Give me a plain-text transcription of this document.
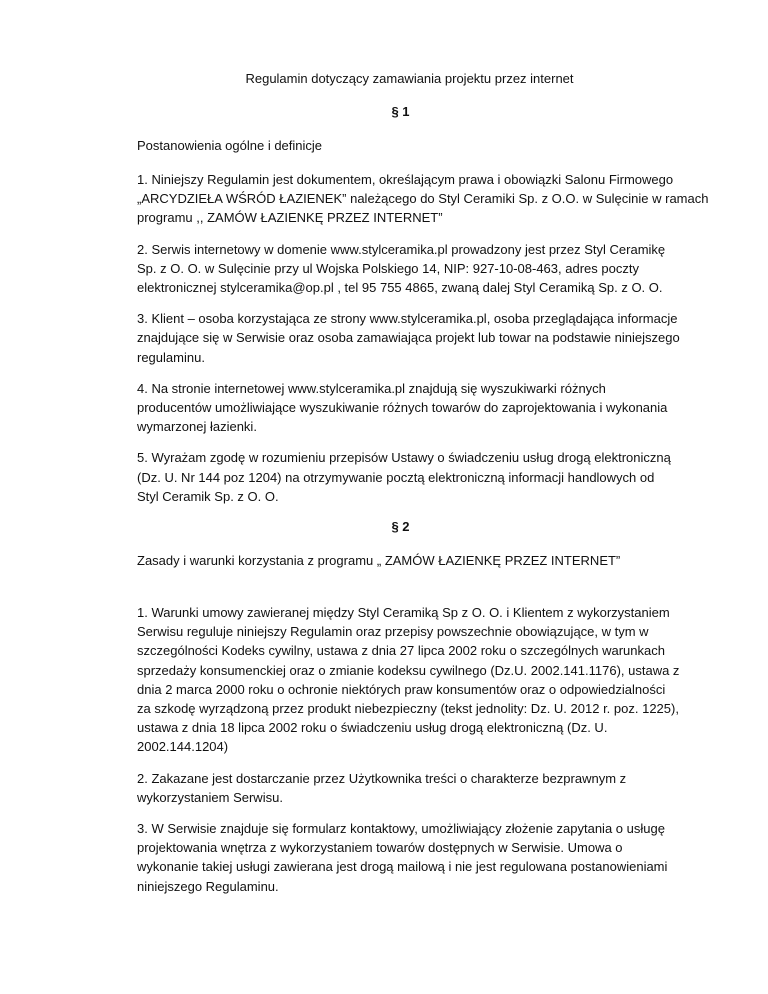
Regulamin dotyczący zamawiania projektu przez internet
§ 1
Postanowienia ogólne i definicje
1. Niniejszy Regulamin jest dokumentem, określającym prawa i obowiązki Salonu Firmowego
„ARCYDZIEŁA WŚRÓD ŁAZIENEK” należącego do Styl Ceramiki Sp. z O.O. w Sulęcinie w ramach
programu ,, ZAMÓW ŁAZIENKĘ PRZEZ INTERNET”
2. Serwis internetowy w domenie www.stylceramika.pl prowadzony jest przez Styl Ceramikę
Sp. z O. O. w Sulęcinie przy ul Wojska Polskiego 14, NIP: 927-10-08-463, adres poczty
elektronicznej stylceramika@op.pl , tel 95 755 4865, zwaną dalej Styl Ceramiką Sp. z O. O.
3. Klient – osoba korzystająca ze strony www.stylceramika.pl, osoba przeglądająca informacje
znajdujące się w Serwisie oraz osoba zamawiająca projekt lub towar na podstawie niniejszego
regulaminu.
4. Na stronie internetowej www.stylceramika.pl znajdują się wyszukiwarki różnych
producentów umożliwiające wyszukiwanie różnych towarów do zaprojektowania i wykonania
wymarzonej łazienki.
5. Wyrażam zgodę w rozumieniu przepisów Ustawy o świadczeniu usług drogą elektroniczną
(Dz. U. Nr 144 poz 1204) na otrzymywanie pocztą elektroniczną informacji handlowych od
Styl Ceramik Sp. z O. O.
§ 2
Zasady i warunki korzystania z programu „ ZAMÓW ŁAZIENKĘ PRZEZ INTERNET”
1. Warunki umowy zawieranej między Styl Ceramiką Sp z O. O. i Klientem z wykorzystaniem
Serwisu reguluje niniejszy Regulamin oraz przepisy powszechnie obowiązujące, w tym w
szczególności Kodeks cywilny, ustawa z dnia 27 lipca 2002 roku o szczególnych warunkach
sprzedaży konsumenckiej oraz o zmianie kodeksu cywilnego (Dz.U. 2002.141.1176), ustawa z
dnia 2 marca 2000 roku o ochronie niektórych praw konsumentów oraz o odpowiedzialności
za szkodę wyrządzoną przez produkt niebezpieczny (tekst jednolity: Dz. U. 2012 r. poz. 1225),
ustawa z dnia 18 lipca 2002 roku o świadczeniu usług drogą elektroniczną (Dz. U.
2002.144.1204)
2. Zakazane jest dostarczanie przez Użytkownika treści o charakterze bezprawnym z
wykorzystaniem Serwisu.
3. W Serwisie znajduje się formularz kontaktowy, umożliwiający złożenie zapytania o usługę
projektowania wnętrza z wykorzystaniem towarów dostępnych w Serwisie. Umowa o
wykonanie takiej usługi zawierana jest drogą mailową i nie jest regulowana postanowieniami
niniejszego Regulaminu.
